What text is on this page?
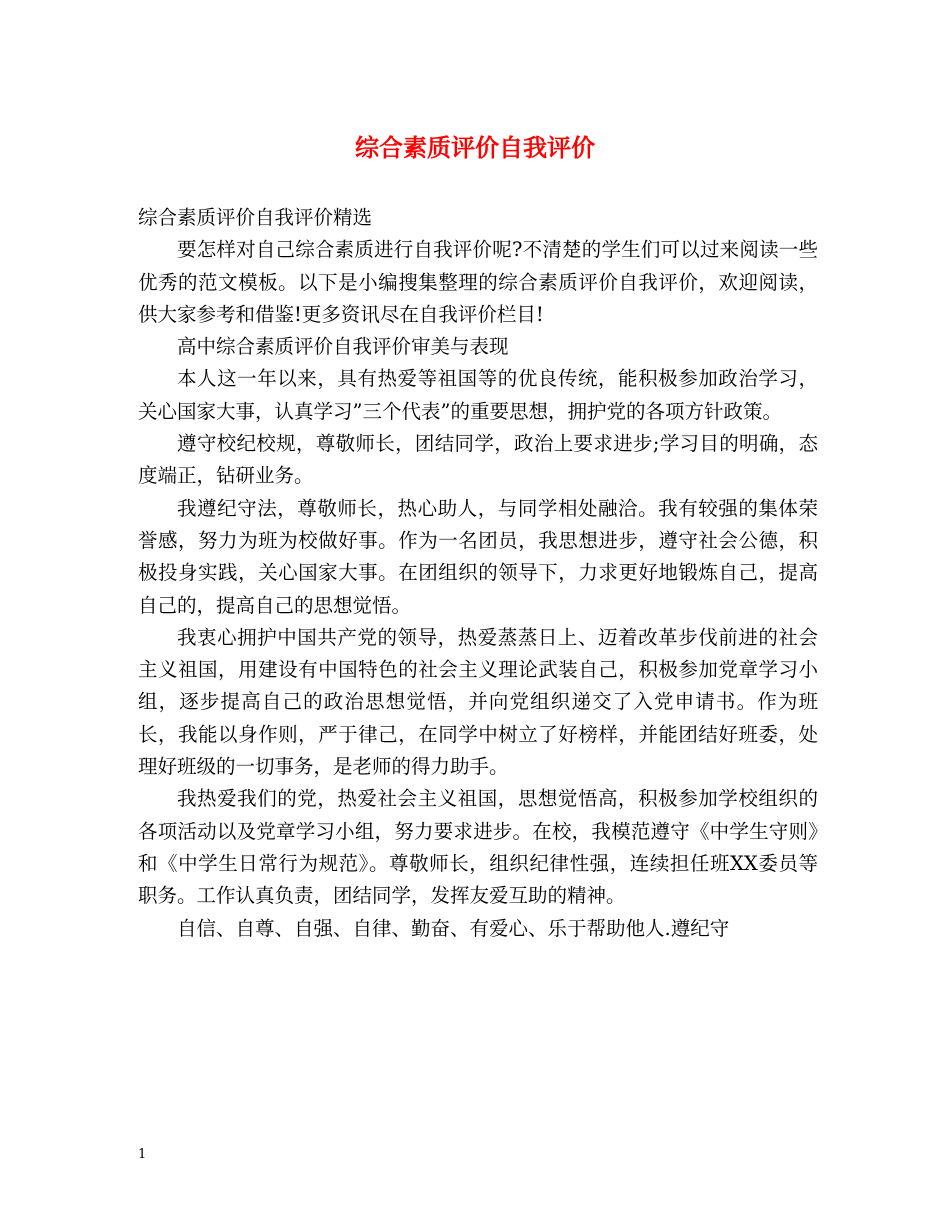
综合素质评价自我评价

综合素质评价自我评价精选

要怎样对自己综合素质进行自我评价呢?不清楚的学生们可以过来阅读一些优秀的范文模板。以下是小编搜集整理的综合素质评价自我评价，欢迎阅读，供大家参考和借鉴!更多资讯尽在自我评价栏目!

高中综合素质评价自我评价审美与表现

本人这一年以来，具有热爱等祖国等的优良传统，能积极参加政治学习，关心国家大事，认真学习”三个代表”的重要思想，拥护党的各项方针政策。

遵守校纪校规，尊敬师长，团结同学，政治上要求进步;学习目的明确，态度端正，钻研业务。

我遵纪守法，尊敬师长，热心助人，与同学相处融洽。我有较强的集体荣誉感，努力为班为校做好事。作为一名团员，我思想进步，遵守社会公德，积极投身实践，关心国家大事。在团组织的领导下，力求更好地锻炼自己，提高自己的，提高自己的思想觉悟。

我衷心拥护中国共产党的领导，热爱蒸蒸日上、迈着改革步伐前进的社会主义祖国，用建设有中国特色的社会主义理论武装自己，积极参加党章学习小组，逐步提高自己的政治思想觉悟，并向党组织递交了入党申请书。作为班长，我能以身作则，严于律己，在同学中树立了好榜样，并能团结好班委，处理好班级的一切事务，是老师的得力助手。

我热爱我们的党，热爱社会主义祖国，思想觉悟高，积极参加学校组织的各项活动以及党章学习小组，努力要求进步。在校，我模范遵守《中学生守则》和《中学生日常行为规范》。尊敬师长，组织纪律性强，连续担任班XX委员等职务。工作认真负责，团结同学，发挥友爱互助的精神。

自信、自尊、自强、自律、勤奋、有爱心、乐于帮助他人.遵纪守

1
